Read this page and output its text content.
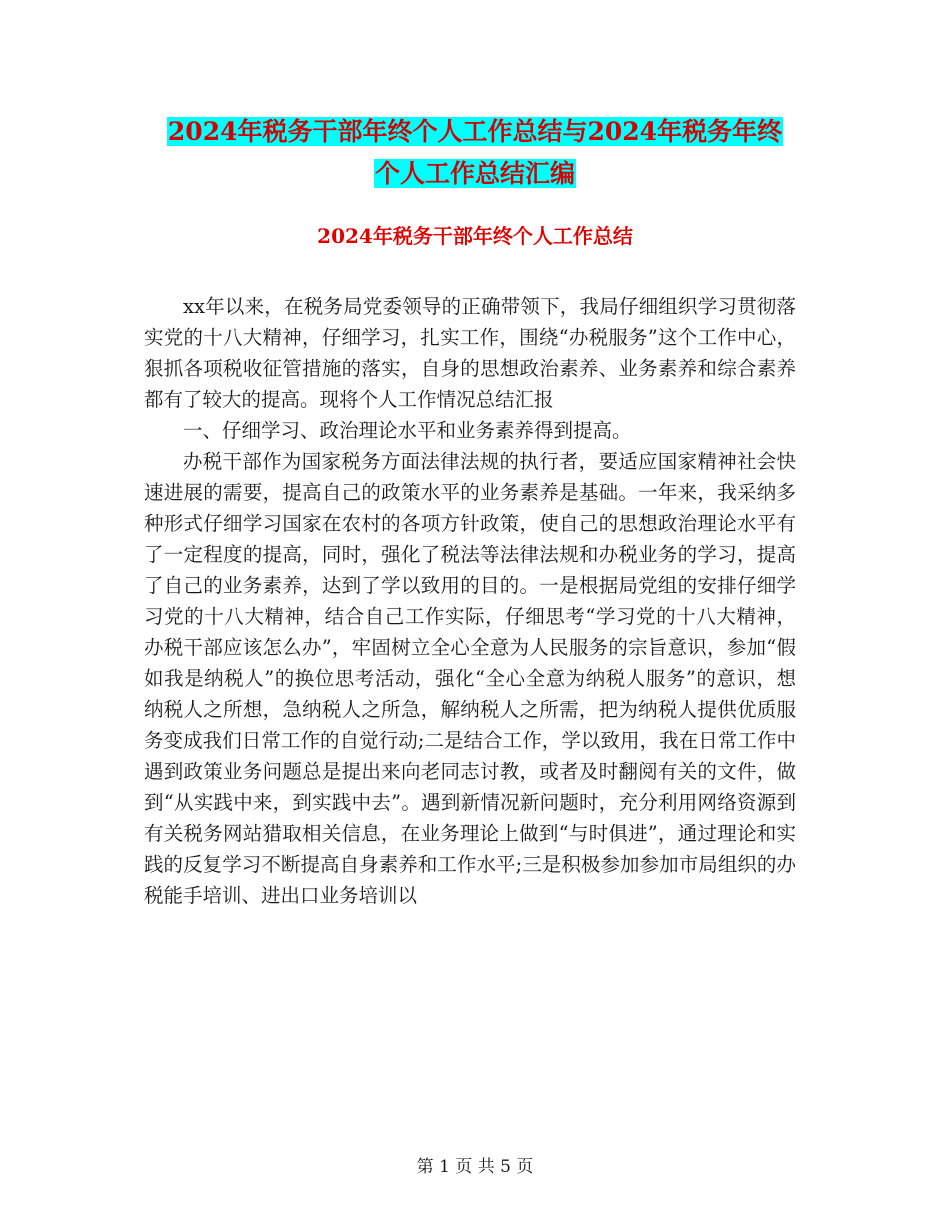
2024年税务干部年终个人工作总结与2024年税务年终
个人工作总结汇编
2024年税务干部年终个人工作总结

xx年以来，在税务局党委领导的正确带领下，我局仔细组织学习贯彻落实党的十八大精神，仔细学习，扎实工作，围绕“办税服务”这个工作中心，狠抓各项税收征管措施的落实，自身的思想政治素养、业务素养和综合素养都有了较大的提高。现将个人工作情况总结汇报

一、仔细学习、政治理论水平和业务素养得到提高。

办税干部作为国家税务方面法律法规的执行者，要适应国家精神社会快速进展的需要，提高自己的政策水平的业务素养是基础。一年来，我采纳多种形式仔细学习国家在农村的各项方针政策，使自己的思想政治理论水平有了一定程度的提高，同时，强化了税法等法律法规和办税业务的学习，提高了自己的业务素养，达到了学以致用的目的。一是根据局党组的安排仔细学习党的十八大精神，结合自己工作实际，仔细思考“学习党的十八大精神，办税干部应该怎么办”，牢固树立全心全意为人民服务的宗旨意识，参加“假如我是纳税人”的换位思考活动，强化“全心全意为纳税人服务”的意识，想纳税人之所想，急纳税人之所急，解纳税人之所需，把为纳税人提供优质服务变成我们日常工作的自觉行动;二是结合工作，学以致用，我在日常工作中遇到政策业务问题总是提出来向老同志讨教，或者及时翻阅有关的文件，做到“从实践中来，到实践中去”。遇到新情况新问题时，充分利用网络资源到有关税务网站猎取相关信息，在业务理论上做到“与时俱进”，通过理论和实践的反复学习不断提高自身素养和工作水平;三是积极参加参加市局组织的办税能手培训、进出口业务培训以

第 1 页 共 5 页
